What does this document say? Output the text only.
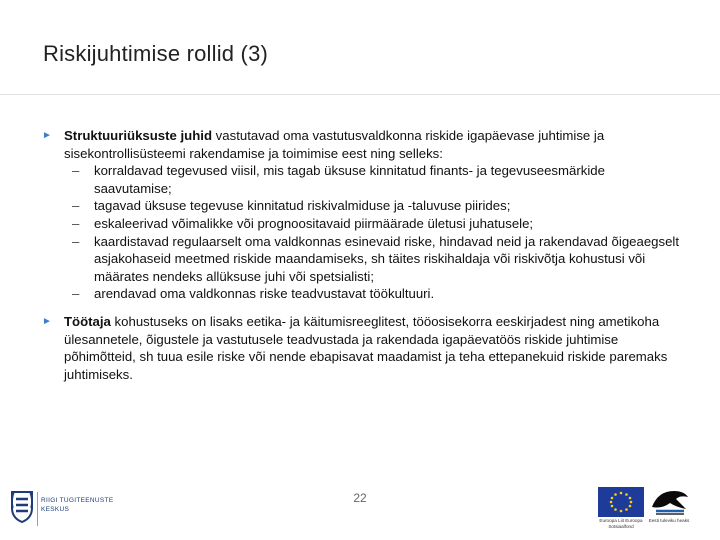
Riskijuhtimise rollid (3)
► Struktuuriüksuste juhid vastutavad oma vastutusvaldkonna riskide igapäevase juhtimise ja sisekontrollisüsteemi rakendamise ja toimimise eest ning selleks:
–	korraldavad tegevused viisil, mis tagab üksuse kinnitatud finants- ja tegevuseesmärkide saavutamise;
–	tagavad üksuse tegevuse kinnitatud riskivalmiduse ja -taluvuse piirides;
–	eskaleerivad võimalikke või prognoositavaid piirmäärade ületusi juhatusele;
–	kaardistavad regulaarselt oma valdkonnas esinevaid riske, hindavad neid ja rakendavad õigeaegselt asjakohaseid meetmed riskide maandamiseks, sh täites riskihaldaja või riskivõtja kohustusi või määrates nendeks allüksuse juhi või spetsialisti;
–	arendavad oma valdkonnas riske teadvustavat töökultuuri.
► Töötaja kohustuseks on lisaks eetika- ja käitumisreeglitest, tööosisekorra eeskirjadest ning ametikoha ülesannetele, õigustele ja vastutusele teadvustada ja rakendada igapäevatöös riskide juhtimise põhimõtteid, sh tuua esile riske või nende ebapisavat maadamist ja teha ettepanekuid riskide paremaks juhtimiseks.
22
RIIGI TUGITEENUSTE
KESKUS
Euroopa Liit Euroopa Sotsiaalfond
Eesti tuleviku heaks
